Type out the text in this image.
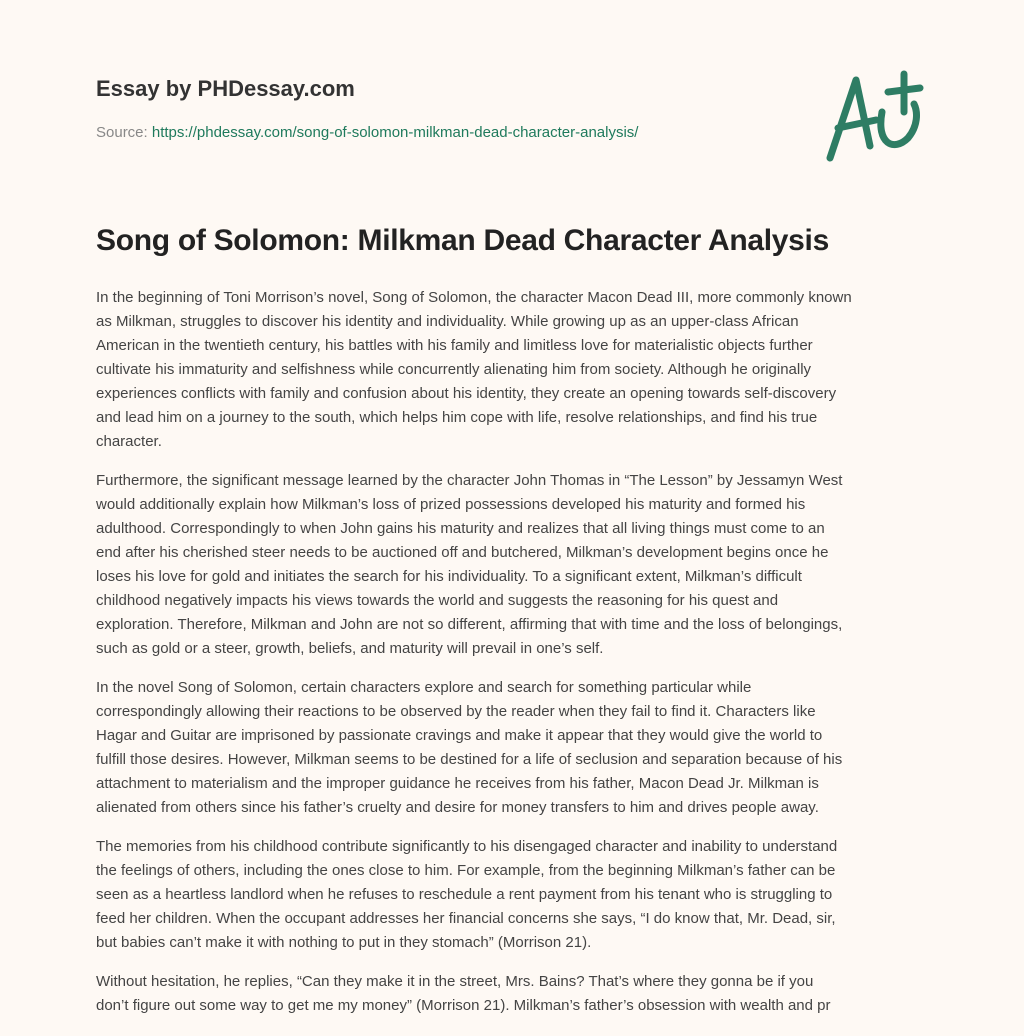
Essay by PHDessay.com
Source: https://phdessay.com/song-of-solomon-milkman-dead-character-analysis/
Song of Solomon: Milkman Dead Character Analysis
In the beginning of Toni Morrison’s novel, Song of Solomon, the character Macon Dead III, more commonly known
as Milkman, struggles to discover his identity and individuality. While growing up as an upper-class African
American in the twentieth century, his battles with his family and limitless love for materialistic objects further
cultivate his immaturity and selfishness while concurrently alienating him from society. Although he originally
experiences conflicts with family and confusion about his identity, they create an opening towards self-discovery
and lead him on a journey to the south, which helps him cope with life, resolve relationships, and find his true
character.
Furthermore, the significant message learned by the character John Thomas in “The Lesson” by Jessamyn West
would additionally explain how Milkman’s loss of prized possessions developed his maturity and formed his
adulthood. Correspondingly to when John gains his maturity and realizes that all living things must come to an
end after his cherished steer needs to be auctioned off and butchered, Milkman’s development begins once he
loses his love for gold and initiates the search for his individuality. To a significant extent, Milkman’s difficult
childhood negatively impacts his views towards the world and suggests the reasoning for his quest and
exploration. Therefore, Milkman and John are not so different, affirming that with time and the loss of belongings,
such as gold or a steer, growth, beliefs, and maturity will prevail in one’s self.
In the novel Song of Solomon, certain characters explore and search for something particular while
correspondingly allowing their reactions to be observed by the reader when they fail to find it. Characters like
Hagar and Guitar are imprisoned by passionate cravings and make it appear that they would give the world to
fulfill those desires. However, Milkman seems to be destined for a life of seclusion and separation because of his
attachment to materialism and the improper guidance he receives from his father, Macon Dead Jr. Milkman is
alienated from others since his father’s cruelty and desire for money transfers to him and drives people away.
The memories from his childhood contribute significantly to his disengaged character and inability to understand
the feelings of others, including the ones close to him. For example, from the beginning Milkman’s father can be
seen as a heartless landlord when he refuses to reschedule a rent payment from his tenant who is struggling to
feed her children. When the occupant addresses her financial concerns she says, “I do know that, Mr. Dead, sir,
but babies can’t make it with nothing to put in they stomach” (Morrison 21).
Without hesitation, he replies, “Can they make it in the street, Mrs. Bains? That’s where they gonna be if you
don’t figure out some way to get me my money” (Morrison 21). Milkman’s father’s obsession with wealth and pr
